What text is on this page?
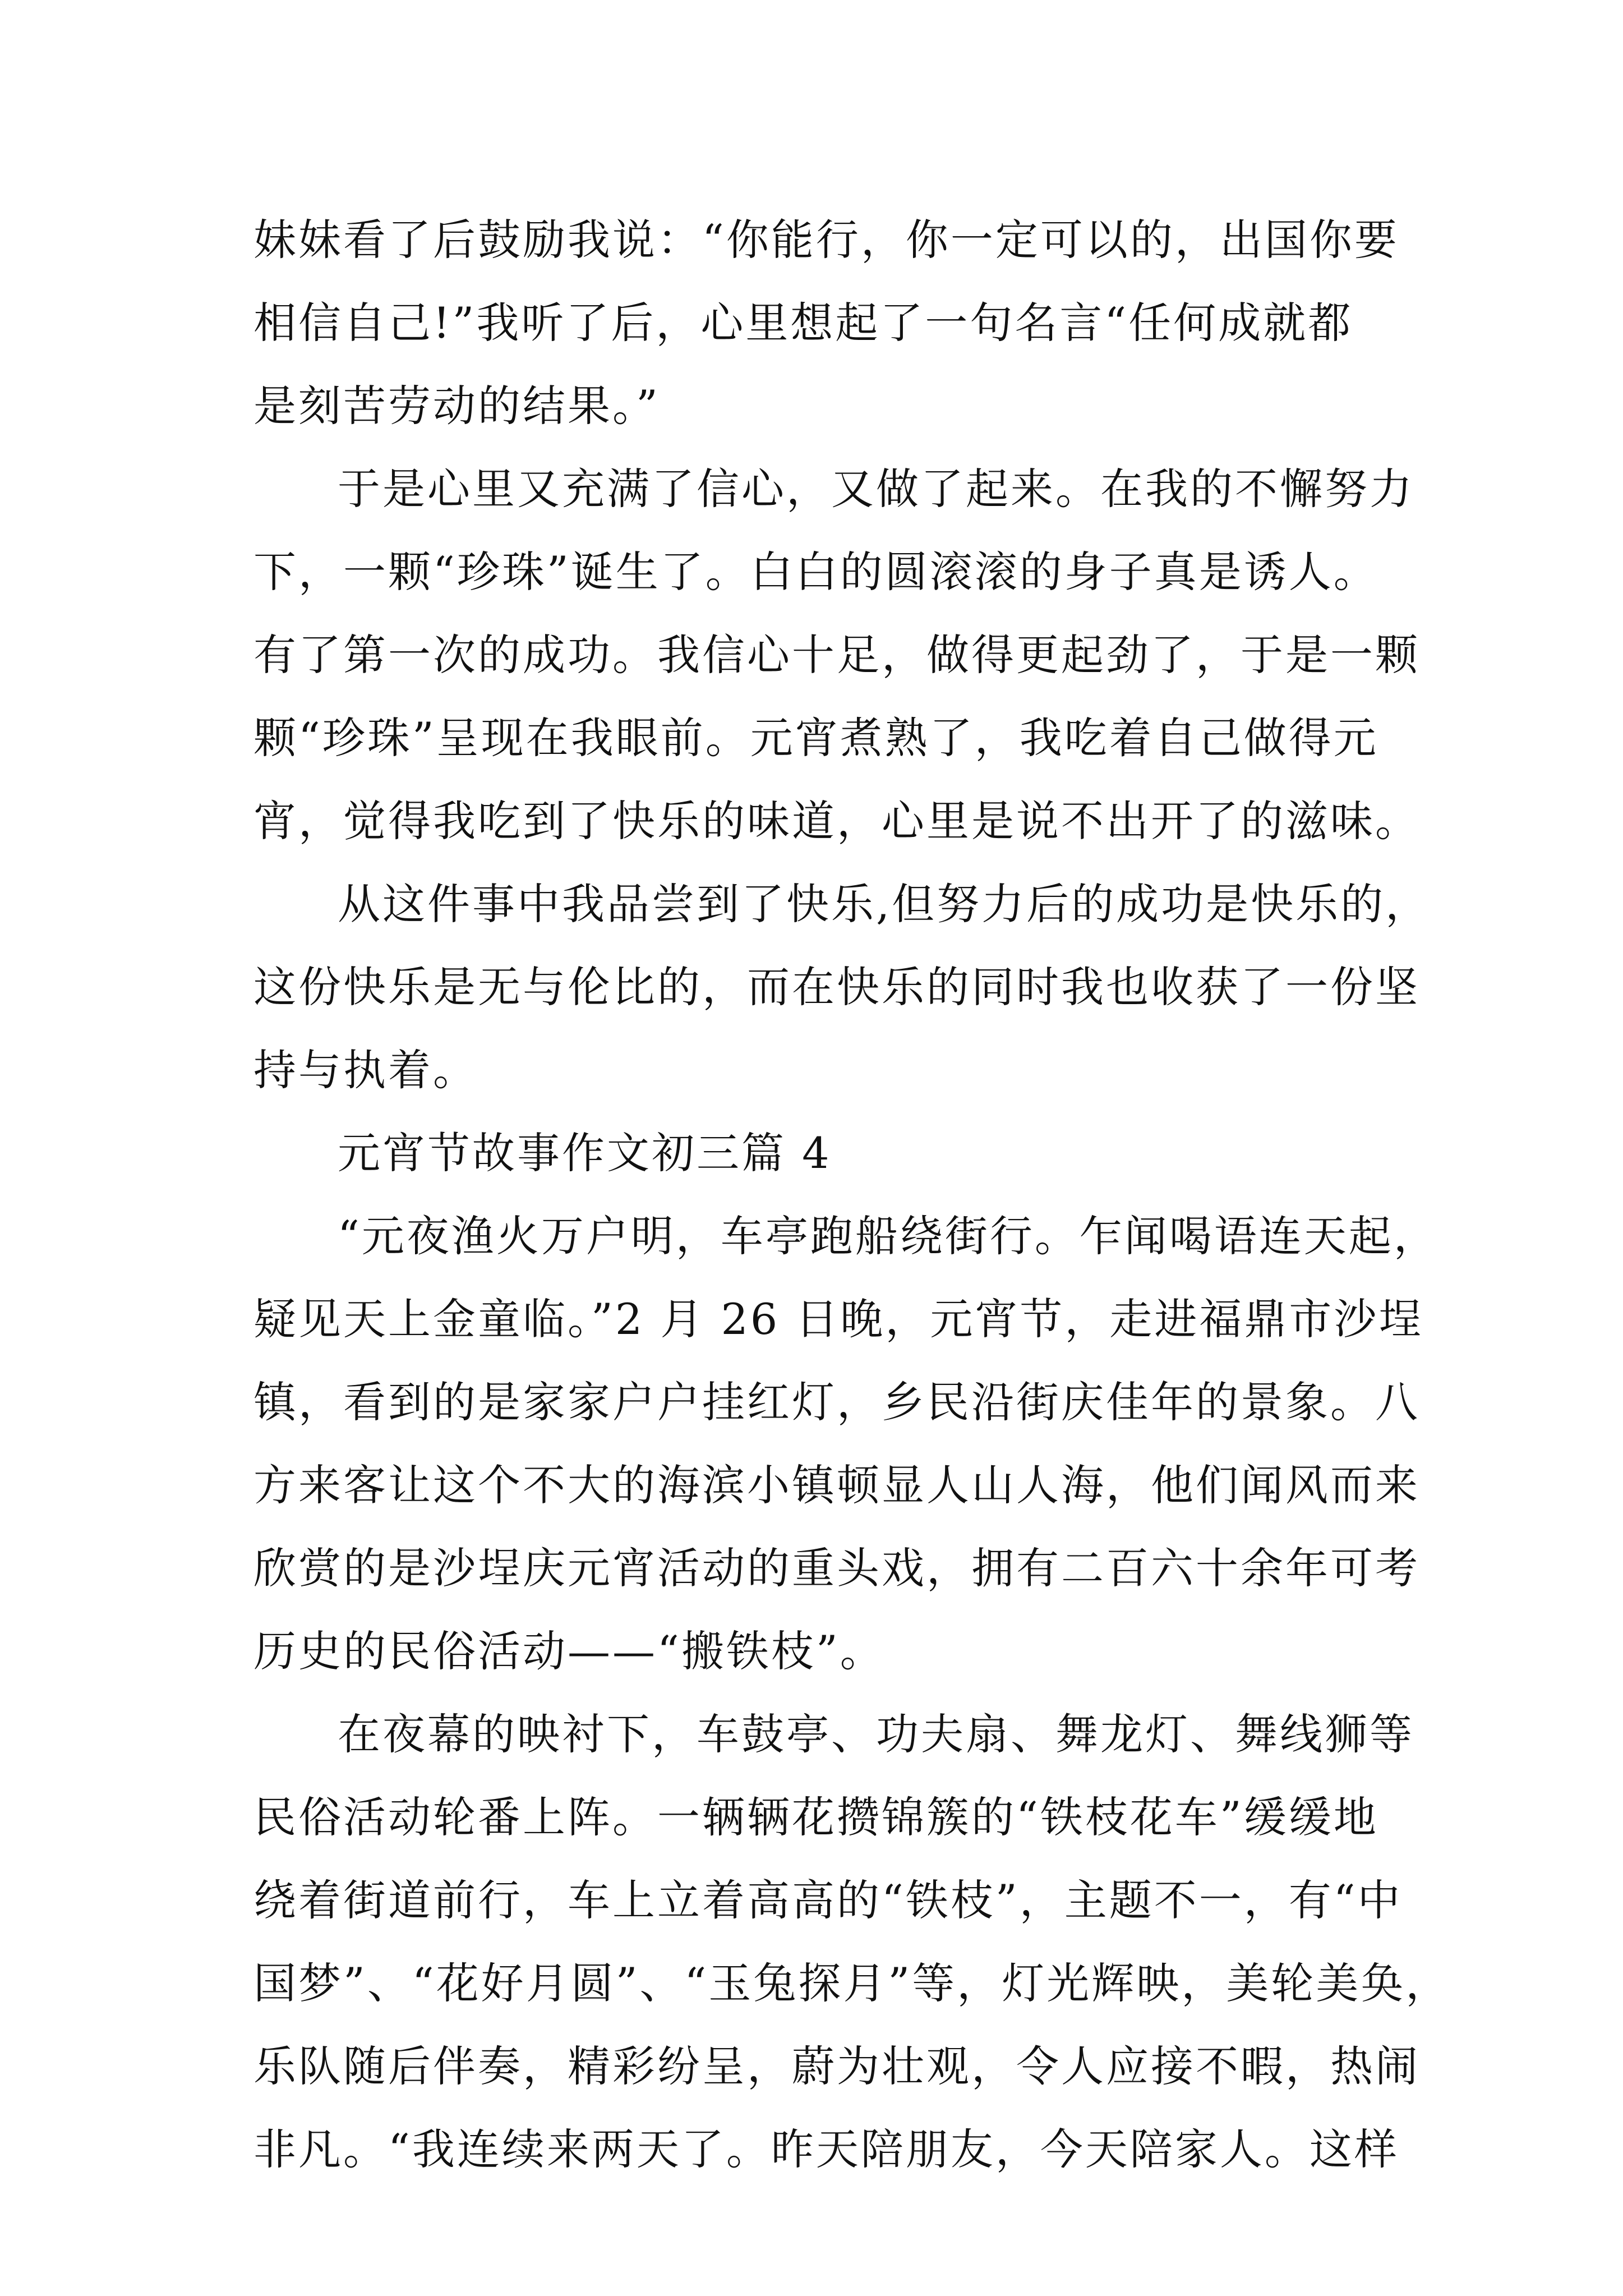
妹妹看了后鼓励我说：“你能行，你一定可以的，出国你要
相信自己!”我听了后，心里想起了一句名言“任何成就都
是刻苦劳动的结果。”
于是心里又充满了信心，又做了起来。在我的不懈努力
下，一颗“珍珠”诞生了。白白的圆滚滚的身子真是诱人。
有了第一次的成功。我信心十足，做得更起劲了，于是一颗
颗“珍珠”呈现在我眼前。元宵煮熟了，我吃着自己做得元
宵，觉得我吃到了快乐的味道，心里是说不出开了的滋味。
从这件事中我品尝到了快乐,但努力后的成功是快乐的，
这份快乐是无与伦比的，而在快乐的同时我也收获了一份坚
持与执着。
元宵节故事作文初三篇 4
“元夜渔火万户明，车亭跑船绕街行。乍闻喝语连天起，
疑见天上金童临。”2 月 26 日晚，元宵节，走进福鼎市沙埕
镇，看到的是家家户户挂红灯，乡民沿街庆佳年的景象。八
方来客让这个不大的海滨小镇顿显人山人海，他们闻风而来
欣赏的是沙埕庆元宵活动的重头戏，拥有二百六十余年可考
历史的民俗活动——“搬铁枝”。
在夜幕的映衬下，车鼓亭、功夫扇、舞龙灯、舞线狮等
民俗活动轮番上阵。一辆辆花攒锦簇的“铁枝花车”缓缓地
绕着街道前行，车上立着高高的“铁枝”，主题不一，有“中
国梦”、“花好月圆”、“玉兔探月”等，灯光辉映，美轮美奂，
乐队随后伴奏，精彩纷呈，蔚为壮观，令人应接不暇，热闹
非凡。“我连续来两天了。昨天陪朋友，今天陪家人。这样
